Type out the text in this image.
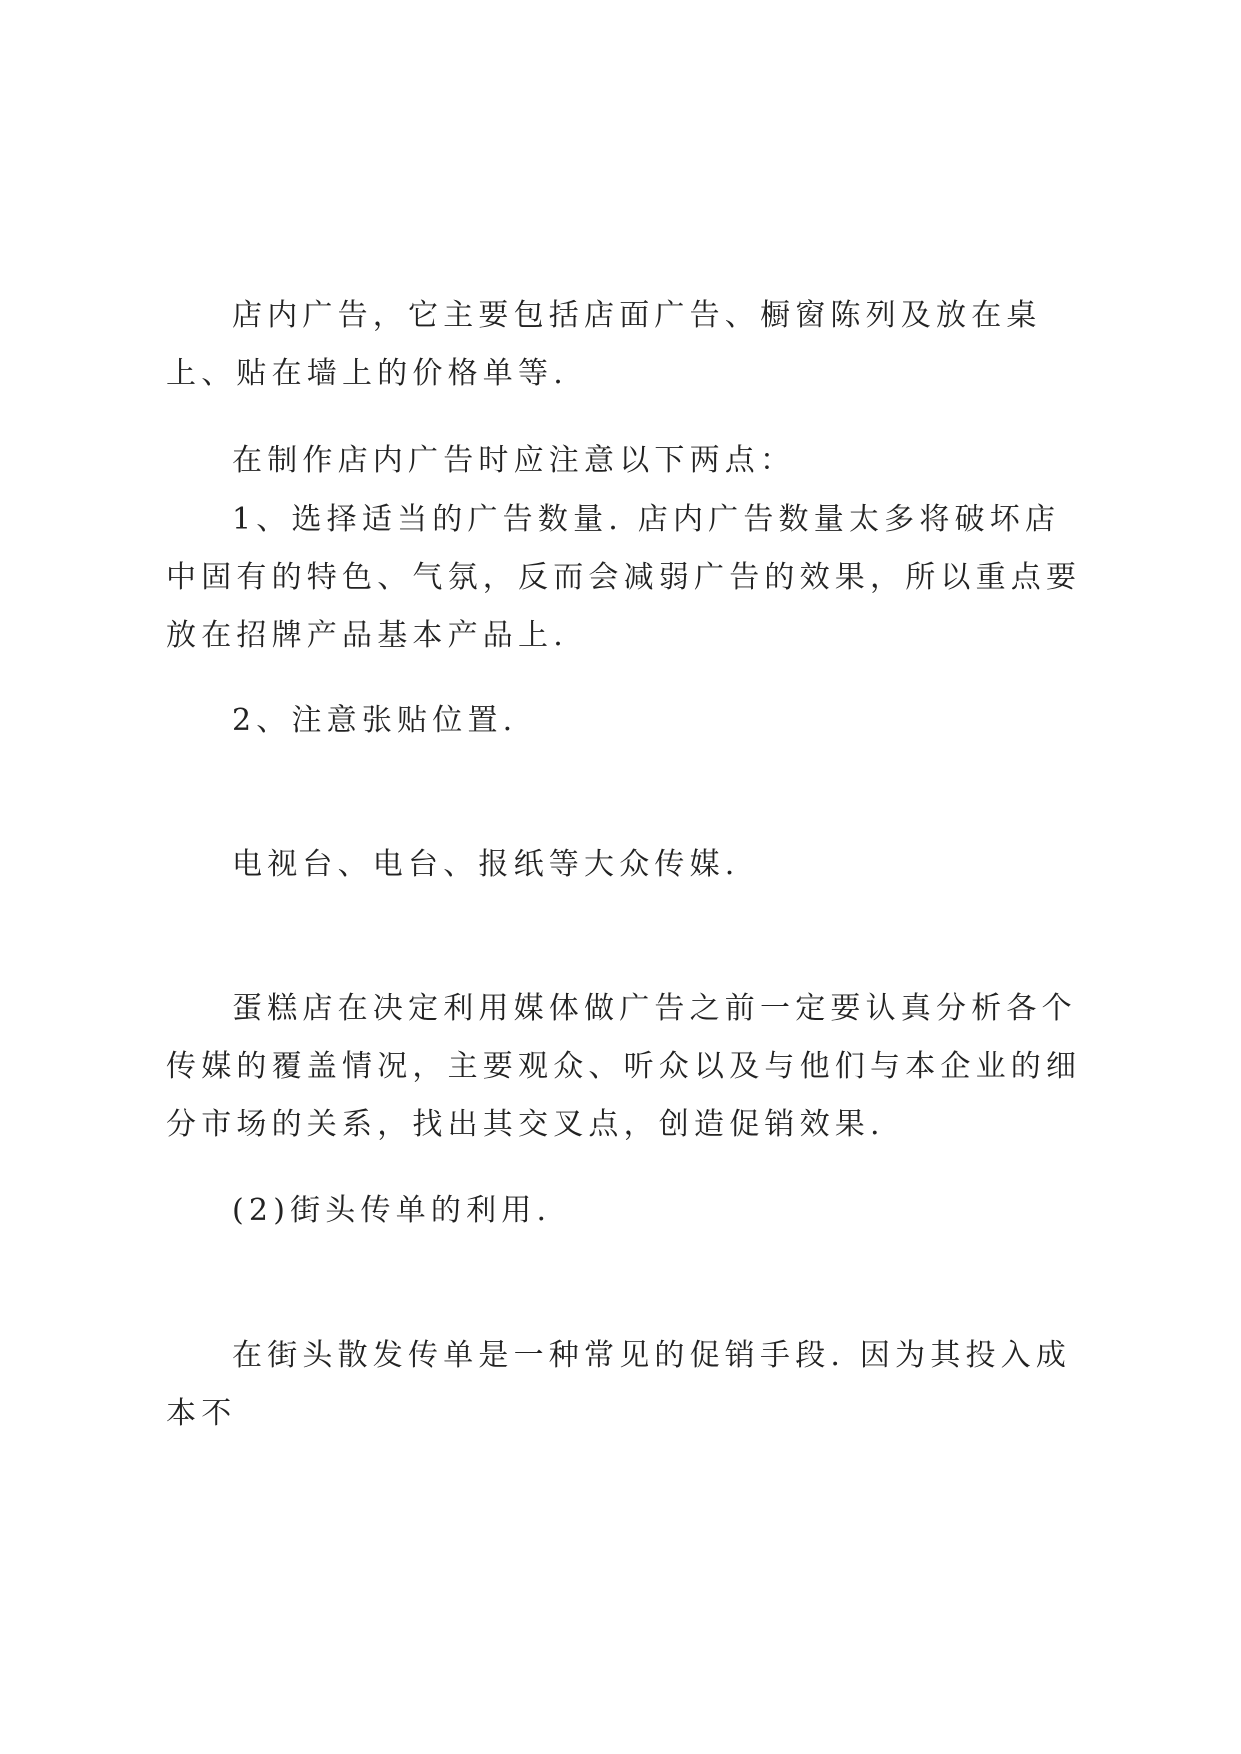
店内广告，它主要包括店面广告、橱窗陈列及放在桌上、贴在墙上的价格单等.

在制作店内广告时应注意以下两点：

1、选择适当的广告数量. 店内广告数量太多将破坏店中固有的特色、气氛，反而会减弱广告的效果，所以重点要放在招牌产品基本产品上.

2、注意张贴位置.

电视台、电台、报纸等大众传媒.

蛋糕店在决定利用媒体做广告之前一定要认真分析各个传媒的覆盖情况，主要观众、听众以及与他们与本企业的细分市场的关系，找出其交叉点，创造促销效果.

(2)街头传单的利用.

在街头散发传单是一种常见的促销手段. 因为其投入成本不
